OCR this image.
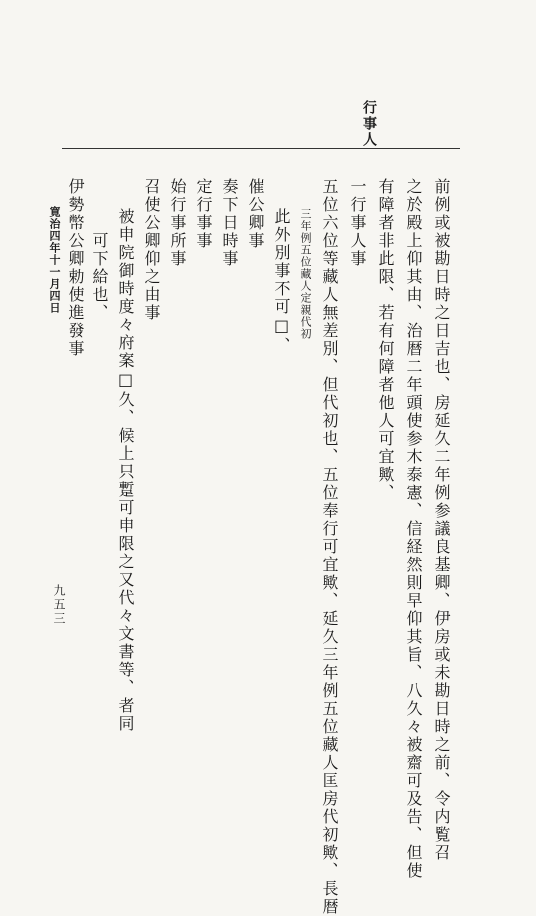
行事人
前例或被勘日時之日吉也、房延久二年例参議良基卿、伊房或未勘日時之前、令内覧召
之於殿上仰其由、治暦二年頭使参木泰憲、信経然則早仰其旨、八久々被齋可及告、但使
有障者非此限、若有何障者他人可宜歟、
一行事人事
五位六位等藏人無差別、但代初也、五位奉行可宜歟、延久三年例五位藏人匡房代初歟、長暦
三年例五位藏人定親代初
此外別事不可□、
催公卿事
奏下日時事
定行事事
始行事所事
召使公卿仰之由事
被申院御時度々府案□久、候上只蹔可申限之又代々文書等、者同
可下給也、
伊勢幣公卿勅使進發事
寛治四年十一月四日
九五三
